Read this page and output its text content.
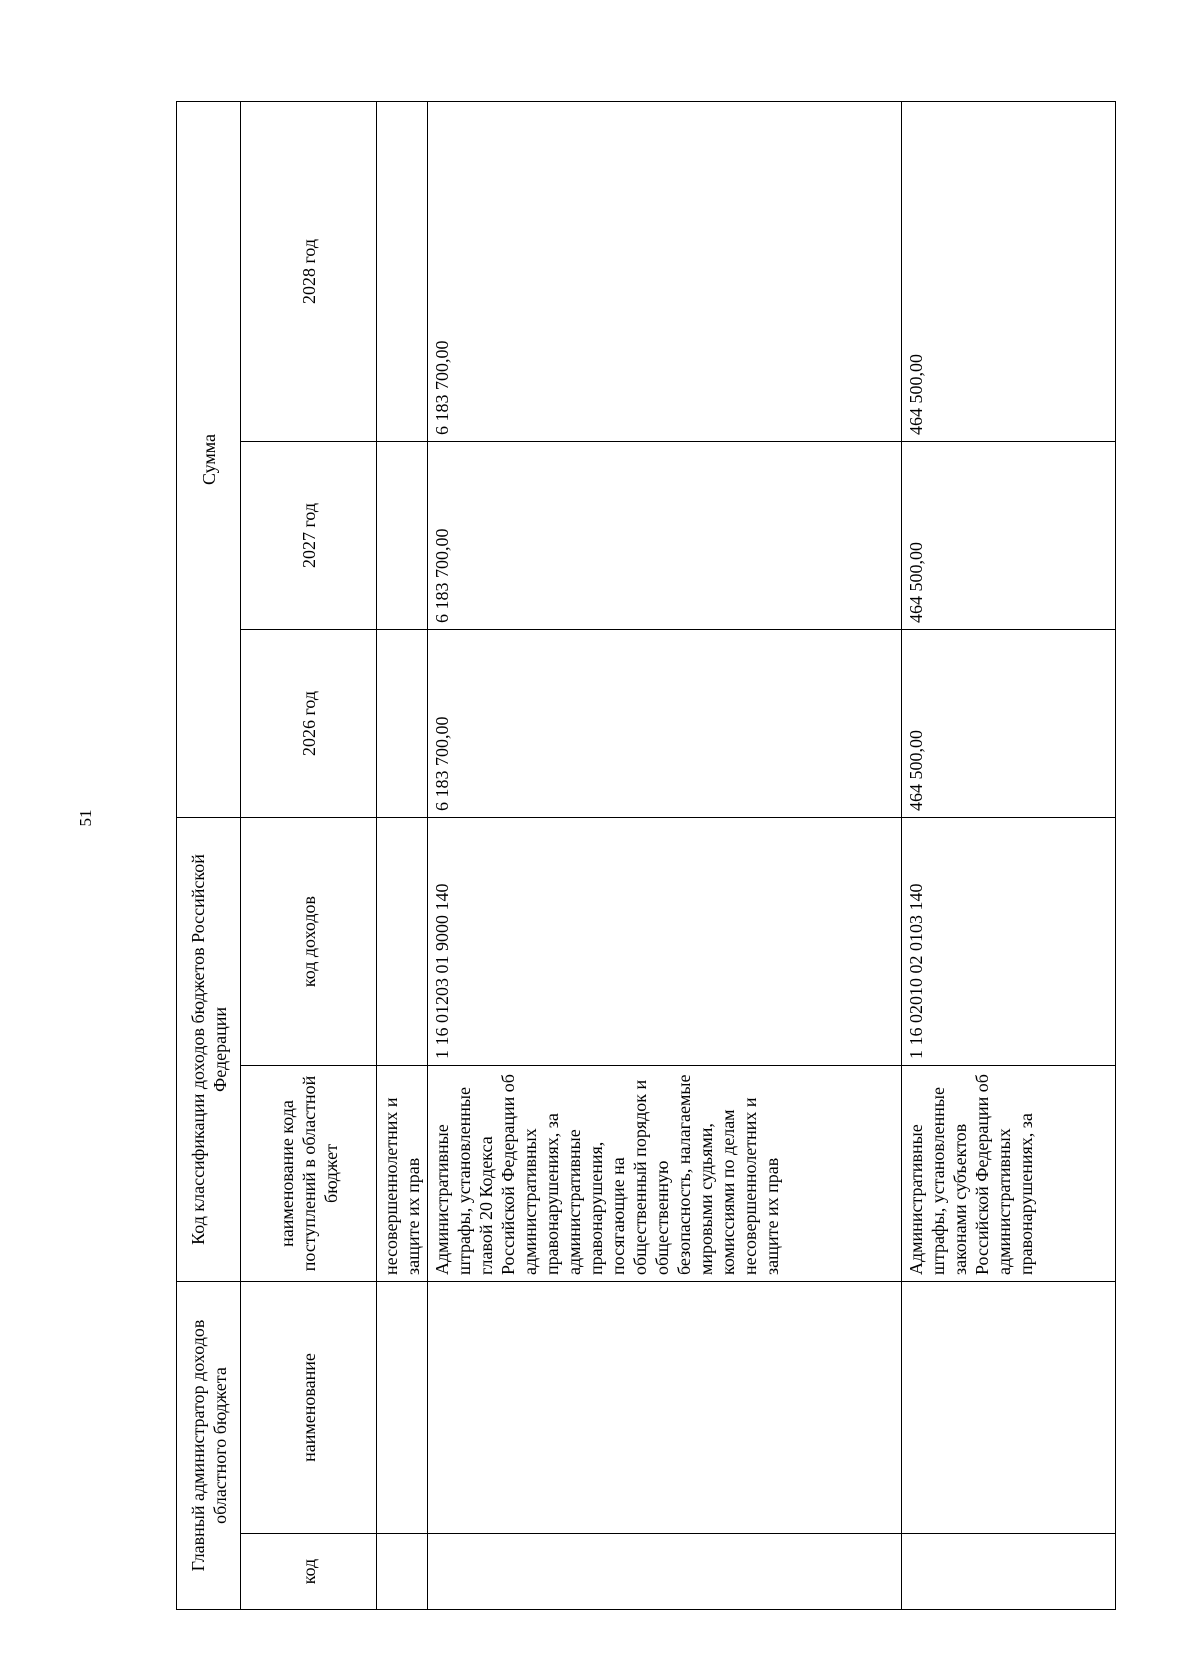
51
Главный администратор доходов областного бюджета		Код классификации доходов бюджетов Российской Федерации		Сумма		
код	наименование	наименование кода поступлений в областной бюджет	код доходов	2026 год	2027 год	2028 год
		несовершеннолетних и защите их прав				
		Административные штрафы, установленные главой 20 Кодекса Российской Федерации об административных правонарушениях, за административные правонарушения, посягающие на общественный порядок и общественную безопасность, налагаемые мировыми судьями, комиссиями по делам несовершеннолетних и защите их прав	1 16 01203 01 9000 140	6 183 700,00	6 183 700,00	6 183 700,00
		Административные штрафы, установленные законами субъектов Российской Федерации об административных правонарушениях, за	1 16 02010 02 0103 140	464 500,00	464 500,00	464 500,00
